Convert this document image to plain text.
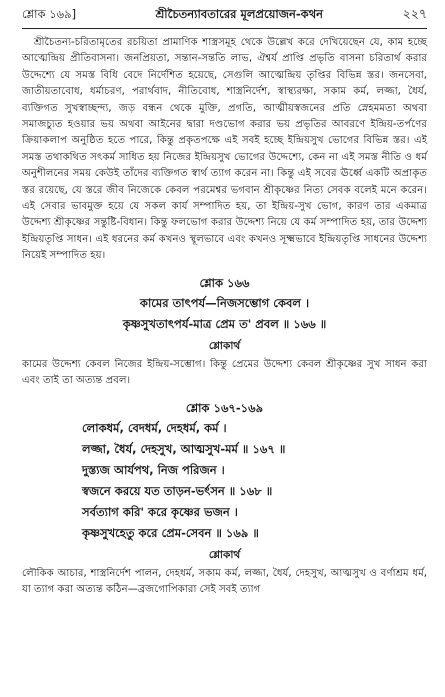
শ্লোক ১৬৯]	শ্রীচৈতন্যাবতারের মূলপ্রয়োজন-কথন	২২৭

শ্রীচৈতন্য-চরিতামৃতের রচয়িতা প্রামাণিক শাস্ত্রসমূহ থেকে উল্লেখ করে দেখিয়েছেন যে, কাম হচ্ছে আত্মেন্দ্রিয় প্রীতিবাসনা। জনপ্রিয়তা, সন্তান-সন্ততি লাভ, ঐশ্বর্য প্রাপ্তি প্রভৃতি বাসনা চরিতার্থ করার উদ্দেশ্যে যে সমস্ত বিধি বেদে নির্দেশিত হয়েছে, সেগুলি আত্মেন্দ্রিয় তৃপ্তির বিভিন্ন স্তর। জনসেবা, জাতীয়তাবোধ, ধর্মাচরণ, পরার্থবাদ, নীতিবোধ, শাস্ত্রনির্দেশ, স্বাস্থ্যরক্ষা, সকাম কর্ম, লজ্জা, ধৈর্য, ব্যক্তিগত সুখস্বাচ্ছন্দ্য, জড় বন্ধন থেকে মুক্তি, প্রগতি, আত্মীয়স্বজনের প্রতি স্নেহমমতা অথবা সমাজচ্যুত হওয়ার ভয় অথবা আইনের দ্বারা দণ্ডভোগ করার ভয় প্রভৃতির আবরণে ইন্দ্রিয়-তর্পণের ক্রিয়াকলাপ অনুষ্ঠিত হতে পারে, কিন্তু প্রকৃতপক্ষে এই সবই হচ্ছে ইন্দ্রিয়সুখ ভোগের বিভিন্ন স্তর। এই সমস্ত তথাকথিত সৎকর্ম সাধিত হয় নিজের ইন্দ্রিয়সুখ ভোগের উদ্দেশ্যে, কেন না এই সমস্ত নীতি ও ধর্ম অনুশীলনের সময় কেউই তাঁদের ব্যক্তিগত স্বার্থ ত্যাগ করেন না। কিন্তু এই সবের ঊর্ধ্বে একটি অপ্রাকৃত স্তর রয়েছে, যে স্তরে জীব নিজেকে কেবল পরমেশ্বর ভগবান শ্রীকৃষ্ণের নিত্য সেবক বলেই মনে করেন। এই সেবার ভাবমুক্ত হয়ে যে সকল কার্য সম্পাদিত হয়, তা ইন্দ্রিয়-সুখ ভোগ, কারণ তার একমাত্র উদ্দেশ্য শ্রীকৃষ্ণের সন্তুষ্টি-বিধান। কিন্তু ফলভোগ করার উদ্দেশ্য নিয়ে যে কর্ম সম্পাদিত হয়, তার উদ্দেশ্য ইন্দ্রিয়তৃপ্তি সাধন। এই ধরনের কর্ম কখনও স্থূলভাবে এবং কখনও সূক্ষ্মভাবে ইন্দ্রিয়তৃপ্তি সাধনের উদ্দেশ্য নিয়েই সম্পাদিত হয়।

শ্লোক ১৬৬
কামের তাৎপর্য—নিজসম্ভোগ কেবল ।
কৃষ্ণসুখতাৎপর্য-মাত্র প্রেম ত' প্রবল ॥ ১৬৬ ॥
শ্লোকার্থ

কামের উদ্দেশ্য কেবল নিজের ইন্দ্রিয়-সম্ভোগ। কিন্তু প্রেমের উদ্দেশ্য কেবল শ্রীকৃষ্ণের সুখ সাধন করা এবং তাই তা অত্যন্ত প্রবল।

শ্লোক ১৬৭-১৬৯
লোকধর্ম, বেদধর্ম, দেহধর্ম, কর্ম ।
লজ্জা, ধৈর্য, দেহসুখ, আত্মসুখ-মর্ম ॥ ১৬৭ ॥
দুস্ত্যজ আর্যপথ, নিজ পরিজন ।
স্বজনে করয়ে যত তাড়ন-ভর্ৎসন ॥ ১৬৮ ॥
সর্বত্যাগ করি' করে কৃষ্ণের ভজন ।
কৃষ্ণসুখহেতু করে প্রেম-সেবন ॥ ১৬৯ ॥
শ্লোকার্থ

লৌকিক আচার, শাস্ত্রনির্দেশ পালন, দেহধর্ম, সকাম কর্ম, লজ্জা, ধৈর্য, দেহসুখ, আত্মসুখ ও বর্ণাশ্রম ধর্ম, যা ত্যাগ করা অত্যন্ত কঠিন—ব্রজগোপিকারা সেই সবই ত্যাগ
